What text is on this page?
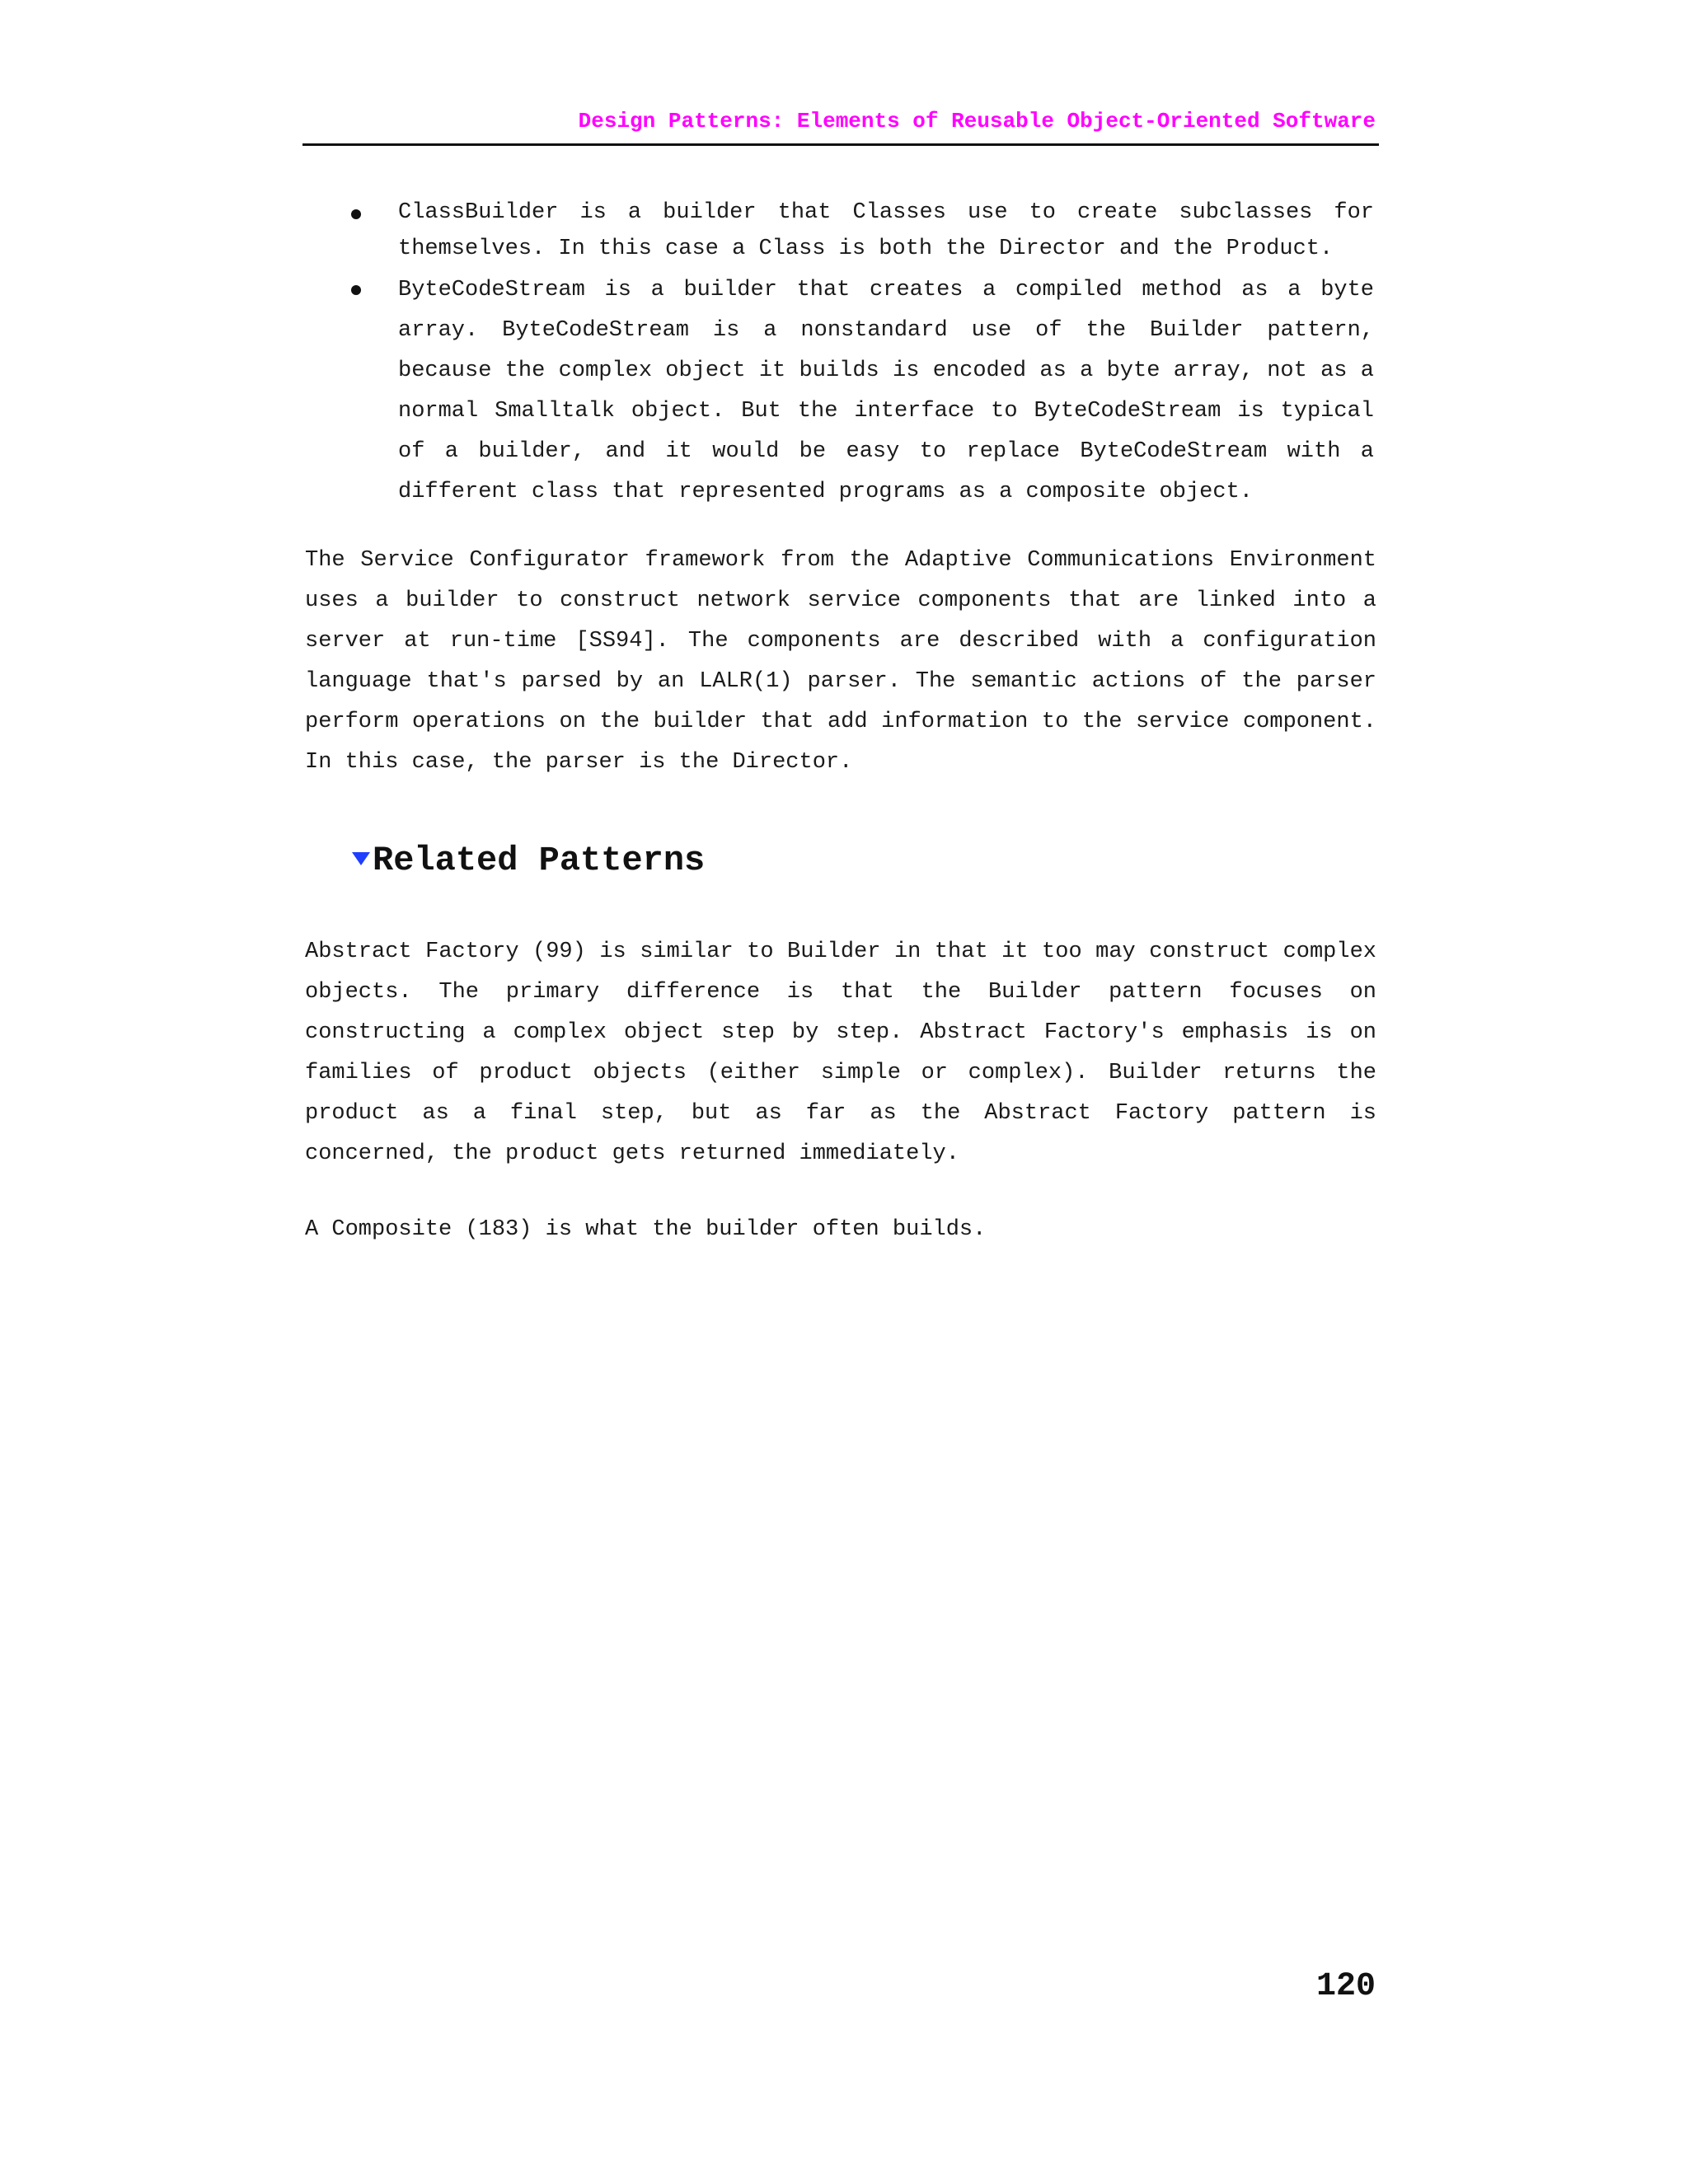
Design Patterns: Elements of Reusable Object-Oriented Software
ClassBuilder is a builder that Classes use to create subclasses for themselves. In this case a Class is both the Director and the Product.
ByteCodeStream is a builder that creates a compiled method as a byte array. ByteCodeStream is a nonstandard use of the Builder pattern, because the complex object it builds is encoded as a byte array, not as a normal Smalltalk object. But the interface to ByteCodeStream is typical of a builder, and it would be easy to replace ByteCodeStream with a different class that represented programs as a composite object.

The Service Configurator framework from the Adaptive Communications Environment uses a builder to construct network service components that are linked into a server at run-time [SS94]. The components are described with a configuration language that's parsed by an LALR(1) parser. The semantic actions of the parser perform operations on the builder that add information to the service component. In this case, the parser is the Director.

Related Patterns

Abstract Factory (99) is similar to Builder in that it too may construct complex objects. The primary difference is that the Builder pattern focuses on constructing a complex object step by step. Abstract Factory's emphasis is on families of product objects (either simple or complex). Builder returns the product as a final step, but as far as the Abstract Factory pattern is concerned, the product gets returned immediately.

A Composite (183) is what the builder often builds.

120
